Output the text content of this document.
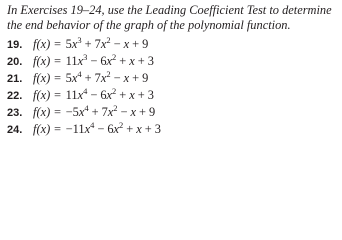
In Exercises 19–24, use the Leading Coefficient Test to determine the end behavior of the graph of the polynomial function.

19. $f(x) = 5x^3 + 7x^2 - x + 9$
20. $f(x) = 11x^3 - 6x^2 + x + 3$
21. $f(x) = 5x^4 + 7x^2 - x + 9$
22. $f(x) = 11x^4 - 6x^2 + x + 3$
23. $f(x) = -5x^4 + 7x^2 - x + 9$
24. $f(x) = -11x^4 - 6x^2 + x + 3$
